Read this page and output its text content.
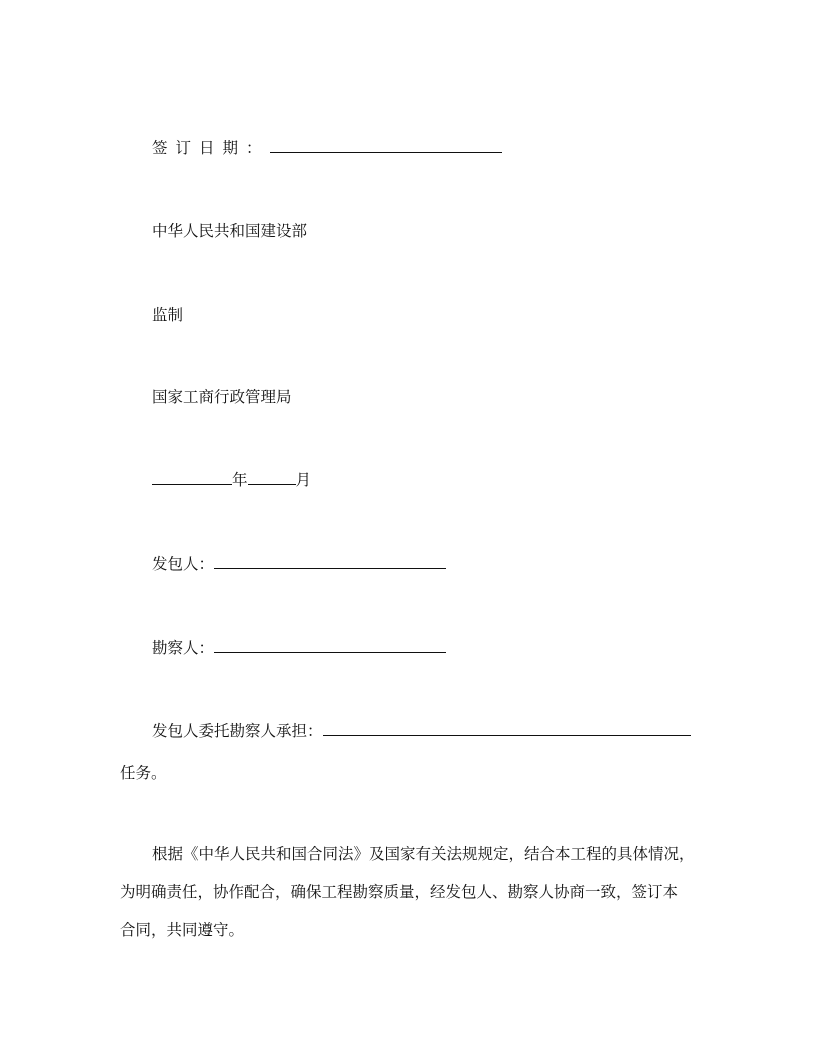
签订日期：
中华人民共和国建设部
监制
国家工商行政管理局
年	月
发包人：
勘察人：
发包人委托勘察人承担：
任务。
根据《中华人民共和国合同法》及国家有关法规规定，结合本工程的具体情况，
为明确责任，协作配合，确保工程勘察质量，经发包人、勘察人协商一致，签订本
合同，共同遵守。
